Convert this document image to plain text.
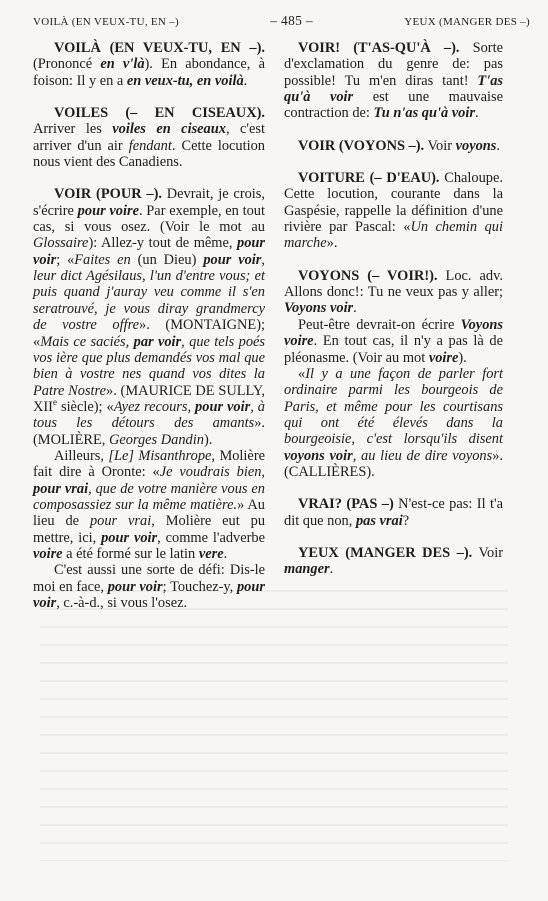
VOILÀ (EN VEUX-TU, EN –)	– 485 –	YEUX (MANGER DES –)

VOILÀ (EN VEUX-TU, EN –). (Prononcé en v'là). En abondance, à foison: Il y en a en veux-tu, en voilà.

VOILES (– EN CISEAUX). Arriver les voiles en ciseaux, c'est arriver d'un air fendant. Cette locution nous vient des Canadiens.

VOIR (POUR –). Devrait, je crois, s'écrire pour voire. Par exemple, en tout cas, si vous osez. (Voir le mot au Glossaire): Allez-y tout de même, pour voir; «Faites en (un Dieu) pour voir, leur dict Agésilaus, l'un d'entre vous; et puis quand j'auray veu comme il s'en seratrouvé, je vous diray grandmercy de vostre offre». (MONTAIGNE); «Mais ce saciés, par voir, que tels poés vos ière que plus demandés vos mal que bien à vostre nes quand vos dites la Patre Nostre». (MAURICE DE SULLY, XIIe siècle); «Ayez recours, pour voir, à tous les détours des amants». (MOLIÈRE, Georges Dandin).

Ailleurs, [Le] Misanthrope, Molière fait dire à Oronte: «Je voudrais bien, pour vrai, que de votre manière vous en composassiez sur la même matière.» Au lieu de pour vrai, Molière eut pu mettre, ici, pour voir, comme l'adverbe voire a été formé sur le latin vere.

C'est aussi une sorte de défi: Dis-le moi en face, pour voir; Touchez-y, pour voir, c.-à-d., si vous l'osez.

VOIR! (T'AS-QU'À –). Sorte d'exclamation du genre de: pas possible! Tu m'en diras tant! T'as qu'à voir est une mauvaise contraction de: Tu n'as qu'à voir.

VOIR (VOYONS –). Voir voyons.

VOITURE (– D'EAU). Chaloupe. Cette locution, courante dans la Gaspésie, rappelle la définition d'une rivière par Pascal: «Un chemin qui marche».

VOYONS (– VOIR!). Loc. adv. Allons donc!: Tu ne veux pas y aller; Voyons voir.

Peut-être devrait-on écrire Voyons voire. En tout cas, il n'y a pas là de pléonasme. (Voir au mot voire).

«Il y a une façon de parler fort ordinaire parmi les bourgeois de Paris, et même pour les courtisans qui ont été élevés dans la bourgeoisie, c'est lorsqu'ils disent voyons voir, au lieu de dire voyons». (CALLIÈRES).

VRAI? (PAS –) N'est-ce pas: Il t'a dit que non, pas vrai?

YEUX (MANGER DES –). Voir manger.
